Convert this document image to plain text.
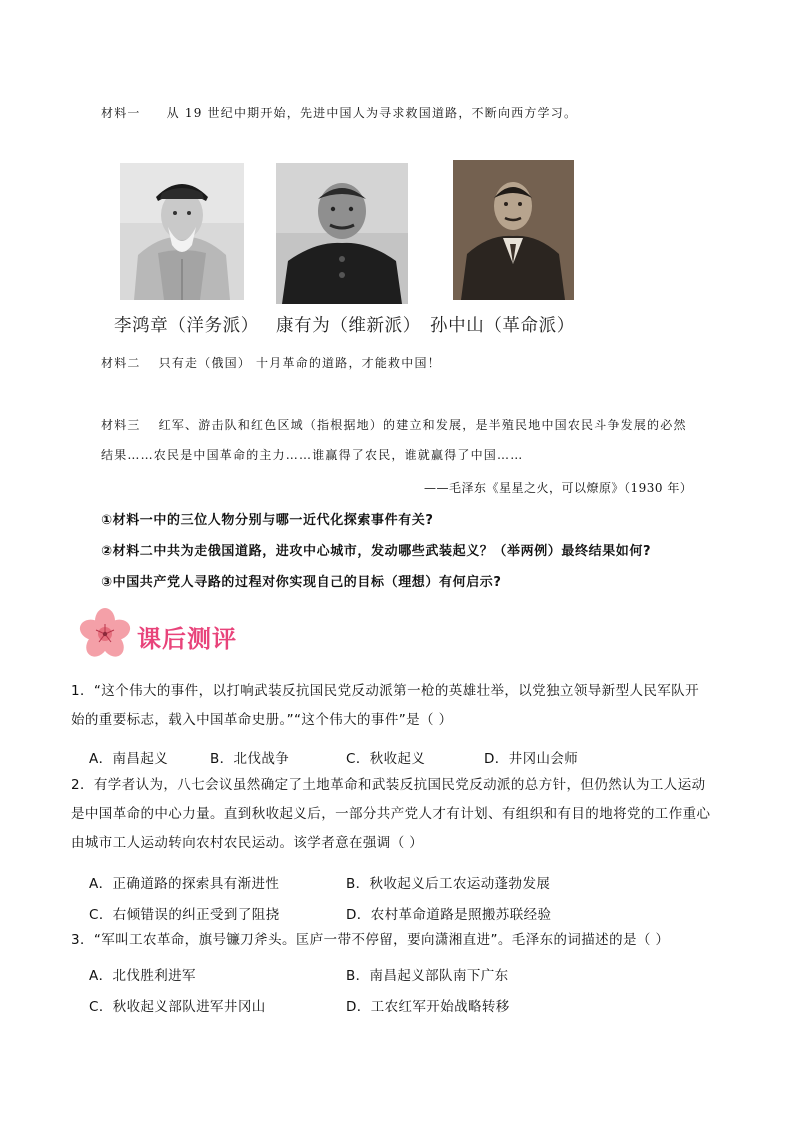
材料一 从 19 世纪中期开始，先进中国人为寻求救国道路，不断向西方学习。
李鸿章（洋务派） 康有为（维新派） 孙中山（革命派）
材料二 只有走（俄国） 十月革命的道路，才能救中国！
材料三 红军、游击队和红色区域（指根据地）的建立和发展，是半殖民地中国农民斗争发展的必然
结果……农民是中国革命的主力……谁赢得了农民，谁就赢得了中国……
——毛泽东《星星之火，可以燎原》（1930 年）
①材料一中的三位人物分别与哪一近代化探索事件有关?
②材料二中共为走俄国道路，进攻中心城市，发动哪些武装起义？（举两例）最终结果如何?
③中国共产党人寻路的过程对你实现自己的目标（理想）有何启示?
课后测评
1．“这个伟大的事件，以打响武装反抗国民党反动派第一枪的英雄壮举，以党独立领导新型人民军队开始的重要标志，载入中国革命史册。”“这个伟大的事件”是（ ）
A．南昌起义	B．北伐战争	C．秋收起义	D．井冈山会师
2．有学者认为，八七会议虽然确定了土地革命和武装反抗国民党反动派的总方针，但仍然认为工人运动是中国革命的中心力量。直到秋收起义后，一部分共产党人才有计划、有组织和有目的地将党的工作重心由城市工人运动转向农村农民运动。该学者意在强调（ ）
A．正确道路的探索具有渐进性	B．秋收起义后工农运动蓬勃发展
C．右倾错误的纠正受到了阻挠	D．农村革命道路是照搬苏联经验
3．“军叫工农革命，旗号镰刀斧头。匡庐一带不停留，要向潇湘直进”。毛泽东的词描述的是（ ）
A．北伐胜利进军	B．南昌起义部队南下广东
C．秋收起义部队进军井冈山	D．工农红军开始战略转移
